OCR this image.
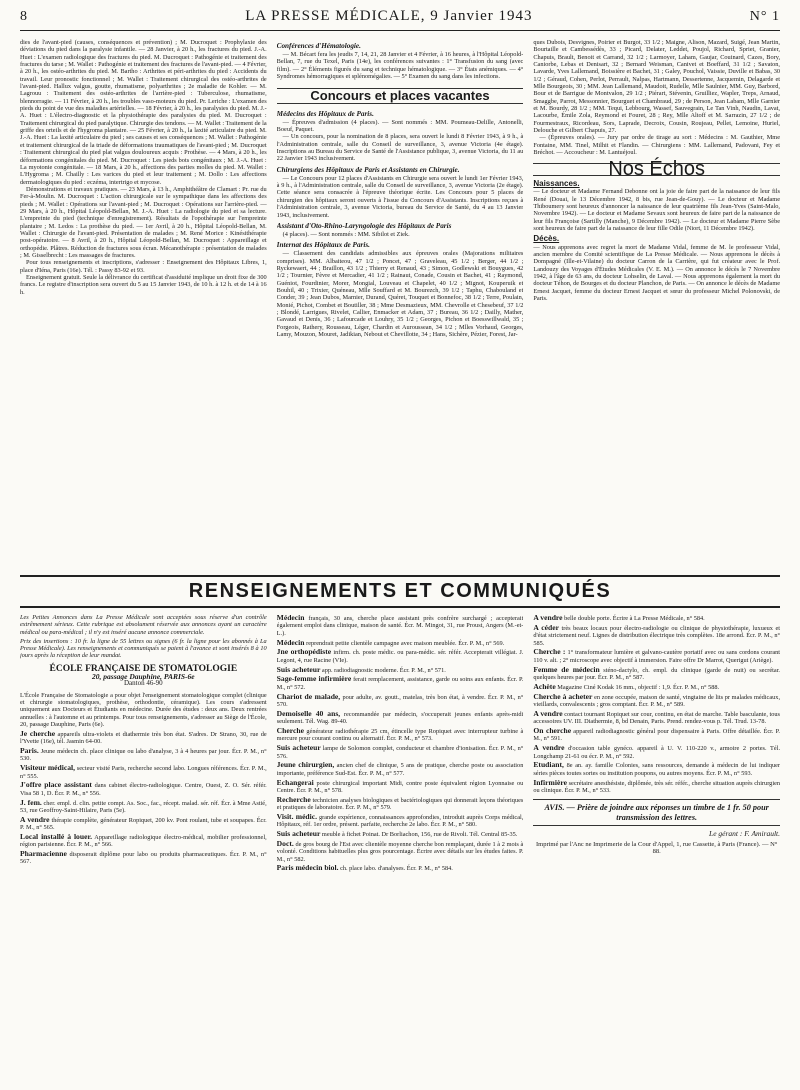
8	LA PRESSE MÉDICALE, 9 Janvier 1943	N° 1

dies de l'avant-pied (causes, conséquences et prévention) ; M. Ducroquet : Prophylaxie des déviations du pied dans la paralysie infantile. — 28 Janvier, à 20 h., les fractures du pied. J.-A. Huet : L'examen radiologique des fractures du pied. M. Ducroquet : Pathogénie et traitement des fractures du tarse ; M. Wallet : Pathogénie et traitement des fractures de l'avant-pied. — 4 Février, à 20 h., les ostéo-arthrites du pied. M. Bartho : Arthrites et péri-arthrites du pied : Accidents du travail. Leur pronostic fonctionnel ; M. Wallet : Traitement chirurgical des ostéo-arthrites de l'avant-pied. Hallux valgus, goutte, rhumatisme, polyarthrites ; 2e maladie de Kohler. — M. Lagrouu : Traitement des ostéo-arthrites de l'arrière-pied : Tuberculose, rhumatisme, blennorragie. — 11 Février, à 20 h., les troubles vaso-moteurs du pied. Pr. Leriche : L'examen des pieds du point de vue des maladies artérielles. — 18 Février, à 20 h., les paralysies du pied. M. J.-A. Huet : L'électro-diagnostic et la physiothérapie des paralysies du pied. M. Ducroquet : Traitement chirurgical du pied paralytique. Chirurgie des tendons. — M. Wallet : Traitement de la griffe des orteils et de l'hygroma plantaire. — 25 Février, à 20 h., la laxité articulaire du pied. M. J.-A. Huet : La laxité articulaire du pied ; ses causes et ses conséquences ; M. Wallet : Pathogénie et traitement chirurgical de la triade de déformations traumatiques de l'avant-pied ; M. Ducroquet : Traitement chirurgical du pied plat valgus douloureux acquis : Prothèse. — 4 Mars, à 20 h., les déformations congénitales du pied. M. Ducroquet : Les pieds bots congénitaux ; M. J.-A. Huet : La myotonie congénitale. — 18 Mars, à 20 h., affections des parties molles du pied. M. Wallet : L'Hygroma ; M. Chailly : Les varices du pied et leur traitement ; M. Dollo : Les affections dermatologiques du pied : eczéma, intertrigo et mycose.

Démonstrations et travaux pratiques. — 23 Mars, à 13 h., Amphithéâtre de Clamart : Pr. rue du Fer-à-Moulin. M. Ducroquet : L'action chirurgicale sur le sympathique dans les affections des pieds ; M. Wallet : Opérations sur l'avant-pied ; M. Ducroquet : Opérations sur l'arrière-pied. — 29 Mars, à 20 h., Hôpital Léopold-Bellan, M. J.-A. Huet : La radiologie du pied et sa lecture. L'empreinte du pied (technique d'enregistrement). Résultats de l'opothérapie sur l'empreinte plantaire ; M. Ledos : La prothèse du pied. — 1er Avril, à 20 h., Hôpital Léopold-Bellan, M. Wallet : Chirurgie de l'avant-pied. Présentation de malades ; M. René Morice : Kinésithérapie post-opératoire. — 8 Avril, à 20 h., Hôpital Léopold-Bellan, M. Ducroquet : Appareillage et orthopédie. Plâtres. Réduction de fractures sous écran. Mécanothérapie : présentation de malades ; M. Gisselbrecht : Les massages de fractures.

Pour tous renseignements et inscriptions, s'adresser : Enseignement des Hôpitaux Libres, 1, place d'Iéna, Paris (16e). Tél. : Passy 83-92 et 93.

Enseignement gratuit. Seule la délivrance du certificat d'assiduité implique un droit fixe de 300 francs. Le registre d'inscription sera ouvert du 5 au 15 Janvier 1943, de 10 h. à 12 h. et de 14 à 16 h.

Conférences d'Hématologie.

— M. Bécart fera les jeudis 7, 14, 21, 28 Janvier et 4 Février, à 16 heures, à l'Hôpital Léopold-Bellan, 7, rue du Texel, Paris (14e), les conférences suivantes : 1° Transfusion du sang (avec film). — 2° Éléments figurés du sang et technique hématologique. — 3° États anémiques. — 4° Syndromes hémorragiques et splénomégalies. — 5° Examen du sang dans les infections.

Concours et places vacantes

Médecins des Hôpitaux de Paris.

— Épreuves d'admission (4 places). — Sont nommés : MM. Poumeau-Delille, Antonelli, Boeuf, Paquet.

— Un concours, pour la nomination de 8 places, sera ouvert le lundi 8 Février 1943, à 9 h., à l'Administration centrale, salle du Conseil de surveillance, 3, avenue Victoria (4e étage). Inscriptions au Bureau du Service de Santé de l'Assistance publique, 3, avenue Victoria, du 11 au 22 Janvier 1943 inclusivement.

Chirurgiens des Hôpitaux de Paris et Assistants en Chirurgie.

— Le Concours pour 12 places d'Assistants en Chirurgie sera ouvert le lundi 1er Février 1943, à 9 h., à l'Administration centrale, salle du Conseil de surveillance, 3, avenue Victoria (2e étage). Cette séance sera consacrée à l'épreuve théorique écrite. Les Concours pour 5 places de chirurgien des hôpitaux seront ouverts à l'issue du Concours d'Assistants. Inscriptions reçues à l'Administration centrale, 3, avenue Victoria, bureau du Service de Santé, du 4 au 13 Janvier 1943, inclusivement.

Assistant d'Oto-Rhino-Laryngologie des Hôpitaux de Paris

(4 places). — Sont nommés : MM. Sibilot et Ziek.

Internat des Hôpitaux de Paris.

— Classement des candidats admissibles aux épreuves orales (Majorations militaires comprises). MM. Albaiteou, 47 1/2 ; Poncet, 47 ; Graveleau, 45 1/2 ; Berger, 44 1/2 ; Ryckewaert, 44 ; Braillon, 43 1/2 ; Thierry et Renaud, 43 ; Simon, Godlewski et Bouygues, 42 1/2 ; Tournier, Fèvre et Mercadier, 41 1/2 ; Rainaut, Conade, Cousin et Bachet, 41 ; Raymond, Guéniot, Fourdinier, Morer, Mongial, Louveau et Chapelet, 40 1/2 ; Mignot, Kouperuik et Bouhil, 40 ; Trixier, Quéneau, Mlle Souffard et M. Bourezch, 39 1/2 ; Taphu, Chabouland et Conder, 39 ; Jean Dubos, Marnier, Durand, Quéret, Touquet et Bonnefoc, 38 1/2 ; Terre, Poulain, Monié, Pichot, Combet et Boutiller, 38 ; Mme Desmazieux, MM. Chevrolle et Chesebeuf, 37 1/2 ; Blondé, Larrigues, Rivelet, Callier, Enmacker et Adam, 37 ; Bureau, 36 1/2 ; Dailly, Mather, Gavaud et Denis, 36 ; Lafourcade et Louhry, 35 1/2 ; Georges, Pichon et Boesswillwald, 35 ; Forgeois, Rathery, Rousseau, Léger, Chardin et Auroussean, 34 1/2 ; Mlles Vorhaud, Georges, Lamy, Mouzon, Mouret, Jadikian, Nebout et Chevillotte, 34 ; Hans, Sichère, Pézier, Forest, Jar-

ques Dubois, Desvignes, Poirier et Burgot, 33 1/2 ; Maigne, Alison, Mazard, Suigé, Jean Martin, Bourtaille et Cambessédès, 33 ; Picard, Delater, Leddet, Poujol, Richard, Spriet, Granier, Chapuis, Brault, Benoit et Carrand, 32 1/2 ; Larmoyer, Laham, Gaujar, Couinard, Cazes, Bory, Caniorbe, Lebas et Denisart, 32 ; Bernard Weisman, Canivet et Boeffard, 31 1/2 ; Savaton, Lavarde, Yves Lallemand, Boissière et Bachet, 31 ; Galey, Pouchol, Vaissie, Duville et Babas, 30 1/2 ; Géraud, Cohen, Perlot, Perrault, Nalpas, Hartmann, Dessertenne, Jacquemin, Delagarde et Mlle Bourgeois, 30 ; MM. Jean Lallemand, Maudoit, Rudelle, Mlle Saulnier, MM. Guy, Barbord, Bour et de Barrigue de Montvalon, 29 1/2 ; Piérart, Stévenin, Gruilliez, Wapler, Treps, Arnaud, Smaggbe, Parrot, Messonnier, Bourguet et Chambraud, 29 ; de Person, Jean Labam, Mlle Garnier et M. Bourdy, 28 1/2 ; MM. Tequi, Lebbourg, Wassef, Sauvegrain, Le Tan Vinh, Naudin, Lavat, Lacourbe, Émile Zola, Reymond et Fouret, 28 ; Rey, Mlle Altoff et M. Sarrazin, 27 1/2 ; de Fourmestraux, Ricordeau, Sors, Laprade, Decroix, Cousin, Roujeau, Pellet, Lemoine, Huriel, Delouche et Gilbert Chapuis, 27.

— (Épreuves orales). — Jury par ordre de tirage au sort : Médecins : M. Gauthier, Mme Fontaine, MM. Tinel, Milhit et Flandin. — Chirurgiens : MM. Lallemand, Padovani, Fey et Bréchot. — Accoucheur : M. Lantuéjoul.

Nos Échos
Naissances.

— Le docteur et Madame Fernand Debonne ont la joie de faire part de la naissance de leur fils René (Douai, le 13 Décembre 1942, 8 bis, rue Jean-de-Gouy). — Le docteur et Madame Thiboumery sont heureux d'annoncer la naissance de leur quatrième fils Jean-Yves (Saint-Malo, Novembre 1942). — Le docteur et Madame Sevaux sont heureux de faire part de la naissance de leur fils Françoise (Sartilly (Manche), 9 Décembre 1942). — Le docteur et Madame Pierre Sèbe sont heureux de faire part de la naissance de leur fille Odile (Niort, 11 Décembre 1942).

Décès.

— Nous apprenons avec regret la mort de Madame Vidal, femme de M. le professeur Vidal, ancien membre du Comité scientifique de La Presse Médicale. — Nous apprenons le décès à Dompagné (Ille-et-Vilaine) du docteur Carron de la Carrière, qui fut créateur avec le Prof. Landouzy des Voyages d'Études Médicales (V. E. M.). — On annonce le décès le 7 Novembre 1942, à l'âge de 63 ans, du docteur Lohselin, de Laval. — Nous apprenons également la mort du docteur Téhon, de Bourges et du docteur Planchon, de Paris. — On annonce le décès de Madame Ernest Jacquet, femme du docteur Ernest Jacquet et sœur du professeur Michel Polonovski, de Paris.

RENSEIGNEMENTS ET COMMUNIQUÉS

Les Petites Annonces dans La Presse Médicale sont acceptées sous réserve d'un contrôle extrêmement sérieux. Cette rubrique est absolument réservée aux annonces ayant un caractère médical ou para-médical ; il n'y est inséré aucune annonce commerciale.

Prix des insertions : 10 fr. la ligne de 55 lettres ou signes (6 fr. la ligne pour les abonnés à La Presse Médicale). Les renseignements et communiqués se paient à l'avance et sont insérés 8 à 10 jours après la réception de leur mandat.

ÉCOLE FRANÇAISE DE STOMATOLOGIE
20, passage Dauphine, PARIS-6e
Danton 46-90

L'École Française de Stomatologie a pour objet l'enseignement stomatologique complet (clinique et chirurgie stomatologiques, prothèse, orthodontie, céramique). Les cours s'adressent uniquement aux Docteurs et Étudiants en médecine. Durée des études : deux ans. Deux rentrées annuelles : à l'automne et au printemps. Pour tous renseignements, s'adresser au Siège de l'École, 20, passage Dauphine, Paris (6e).

Je cherche appareils ultra-violets et diathermie très bon état. S'adres. Dr Strano, 30, rue de l'Yvette (16e), tél. Jasmin 64-00.

Paris. Jeune médecin ch. place clinique ou labo d'analyse, 3 à 4 heures par jour. Écr. P. M., n° 530.

Visiteur médical, secteur visité Paris, recherche second labo. Longues références. Écr. P. M., n° 555.

J'offre place assistant dans cabinet électro-radiologique. Centre, Ouest, Z. O. Sér. référ. Visa 58 1, D. Écr. P. M., n° 556.

J. fem. cher. empl. d. clin. petite compt. As. Soc., fac., récept. malad. sér. réf. Écr. à Mme Astié, 53, rue Geoffroy-Saint-Hilaire, Paris (5e).

A vendre thérapie complète, générateur Ropiquet, 200 kv. Pont roulant, tube et soupapes. Écr. P. M., n° 565.

Local installé à louer. Appareillage radiologique électro-médical, mobilier professionnel, région parisienne. Écr. P. M., n° 566.

Pharmacienne disposerait diplôme pour labo ou produits pharmaceutiques. Écr. P. M., n° 567.

Médecin français, 30 ans, cherche place assistant près confrère surchargé ; accepterait également emploi dans clinique, maison de santé. Écr. M. Mingot, 31, rue Proust, Angers (M.-et-L.).

Médecin reprendrait petite clientèle campagne avec maison meublée. Écr. P. M., n° 569.

Jne orthopédiste infirm. ch. poste médic. ou para-médic. sér. référ. Accepterait villégiat. J. Legont, 4, rue Racine (VIe).

Suis acheteur app. radiodiagnostic moderne. Écr. P. M., n° 571.

Sage-femme infirmière ferait remplacement, assistance, garde ou soins aux enfants. Écr. P. M., n° 572.

Chariot de malade, pour adulte, av. goutt., matelas, très bon état, à vendre. Écr. P. M., n° 570.

Demoiselle 40 ans, recommandée par médecin, s'occuperait jeunes enfants après-midi seulement. Tél. Wag. 89-40.

Cherche générateur radiothérapie 25 cm, étincelle type Ropiquet avec interrupteur turbine à mercure pour courant continu ou alternatif. Écr. P. M., n° 573.

Suis acheteur lampe de Solomon complet, conducteur et chambre d'ionisation. Écr. P. M., n° 576.

Jeune chirurgien, ancien chef de clinique, 5 ans de pratique, cherche poste ou association importante, préférence Sud-Est. Écr. P. M., n° 577.

Echangerai poste chirurgical important Midi, contre poste équivalent région Lyonnaise ou Centre. Écr. P. M., n° 578.

Recherche technicien analyses biologiques et bactériologiques qui donnerait leçons théoriques et pratiques de laboratoire. Écr. P. M., n° 579.

Visit. médic. grande expérience, connaissances approfondies, introduit auprès Corps médical, Hôpitaux, réf. 1er ordre, présent. parfaite, recherche 2e labo. Écr. P. M., n° 580.

Suis acheteur meuble à fichet Poinat. Dr Borliachon, 156, rue de Rivoli. Tél. Central 85-35.

Doct. de gros bourg de l'Est avec clientèle moyenne cherche bon remplaçant, durée 1 à 2 mois à volonté. Conditions habituelles plus gros pourcentage. Écrire avec détails sur les études faites. P. M., n° 582.

Paris médecin biol. ch. place labo. d'analyses. Écr. P. M., n° 584.

A vendre belle double porte. Écrire à La Presse Médicale, n° 584.

A céder très beaux locaux pour électro-radiologie ou clinique de physiothérapie, luxueux et d'état strictement neuf. Lignes de distribution électrique très complètes. 18e arrond. Écr. P. M., n° 585.

Cherche : 1° transformateur lumière et galvano-cautère portatif avec ou sans cordons courant 110 v. alt. ; 2° microscope avec objectif à immersion. Faire offre Dr Marrot, Querigut (Ariège).

Femme de médecin sténo-dactylo, ch. empl. du clinique (garde de nuit) ou secrétar. quelques heures par jour. Écr. P. M., n° 587.

Achète Magazine Ciné Kodak 16 mm., objectif : 1,9. Écr. P. M., n° 588.

Cherche à acheter en zone occupée, maison de santé, vingtaine de lits pr malades médicaux, vieillards, convalescents ; gros comptant. Écr. P. M., n° 589.

A vendre contact tournant Ropiquet sur cour, continu, en état de marche. Table basculante, tous accessoires UV. III. Diathermie, 8, bd Denain, Paris. Prend. rendez-vous p. Tél. Trud. 13-78.

On cherche appareil radiodiagnostic général pour dispensaire à Paris. Offre détaillée. Écr. P. M., n° 591.

A vendre d'occasion table gynéco. appareil à U. V. 110-220 v., armoire 2 portes. Tél. Longchamp 21-61 ou écr. P. M., n° 592.

Etudiant, 8e an. ay. famille Colonies, sans ressources, demande à médecin de lui indiquer séries pièces toutes sortes ou institution poupons, ou autres moyens. Écr. P. M., n° 593.

Infirmière secrétaire anesthésiste, diplômée, très sér. référ., cherche situation auprès chirurgien ou clinique. Écr. P. M., n° 533.

AVIS. — Prière de joindre aux réponses un timbre de 1 fr. 50 pour transmission des lettres.
Le gérant : F. Amirault.
Imprimé par l'Anc ne Imprimerie de la Cour d'Appel, 1, rue Cassette, à Paris (France). — N° 88.
